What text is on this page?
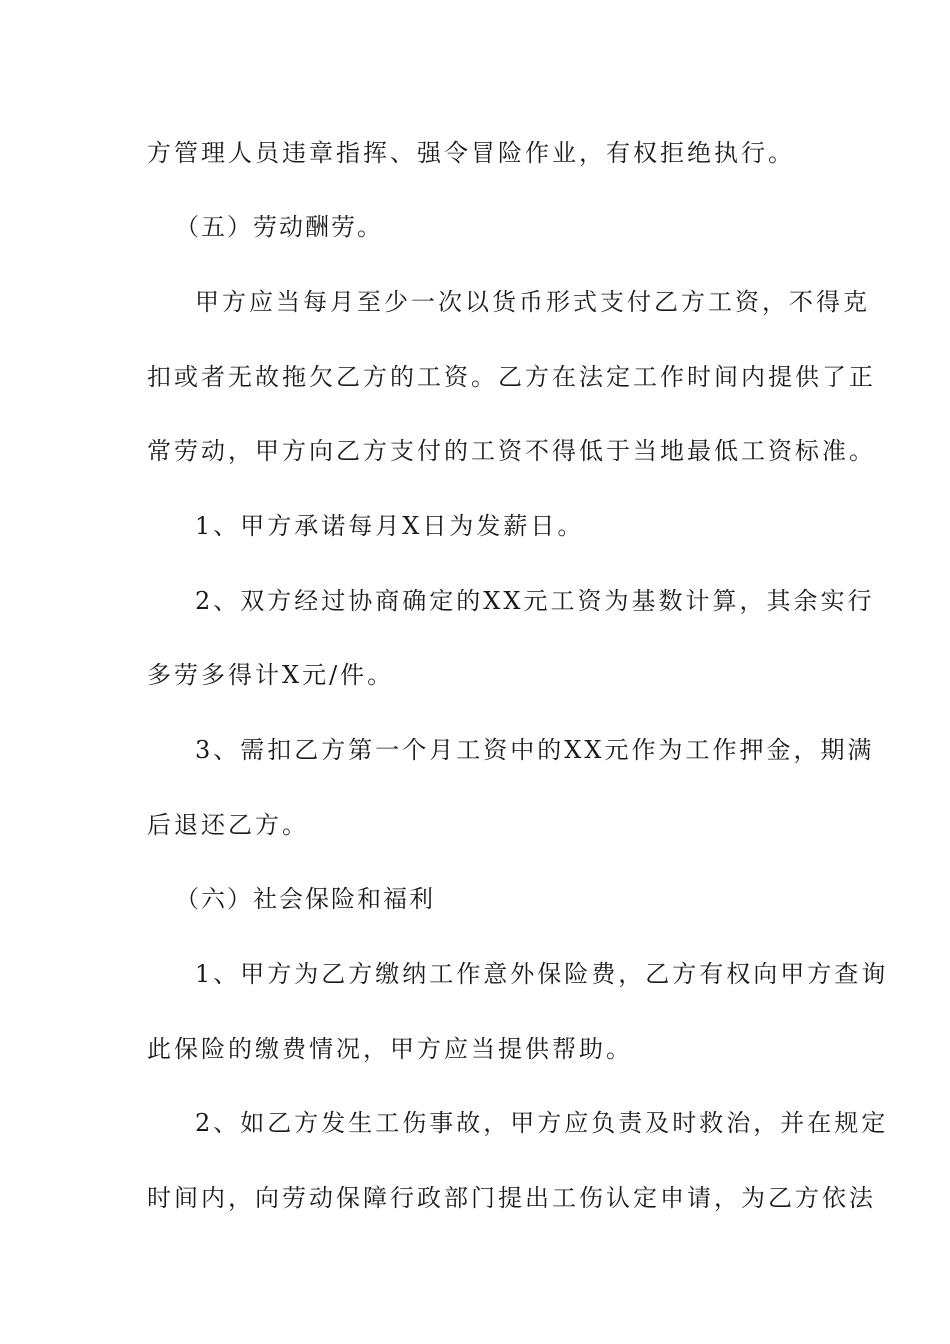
方管理人员违章指挥、强令冒险作业，有权拒绝执行。
（五）劳动酬劳。
甲方应当每月至少一次以货币形式支付乙方工资，不得克
扣或者无故拖欠乙方的工资。乙方在法定工作时间内提供了正
常劳动，甲方向乙方支付的工资不得低于当地最低工资标准。
1、甲方承诺每月X日为发薪日。
2、双方经过协商确定的XX元工资为基数计算，其余实行
多劳多得计X元/件。
3、需扣乙方第一个月工资中的XX元作为工作押金，期满
后退还乙方。
（六）社会保险和福利
1、甲方为乙方缴纳工作意外保险费，乙方有权向甲方查询
此保险的缴费情况，甲方应当提供帮助。
2、如乙方发生工伤事故，甲方应负责及时救治，并在规定
时间内，向劳动保障行政部门提出工伤认定申请，为乙方依法
